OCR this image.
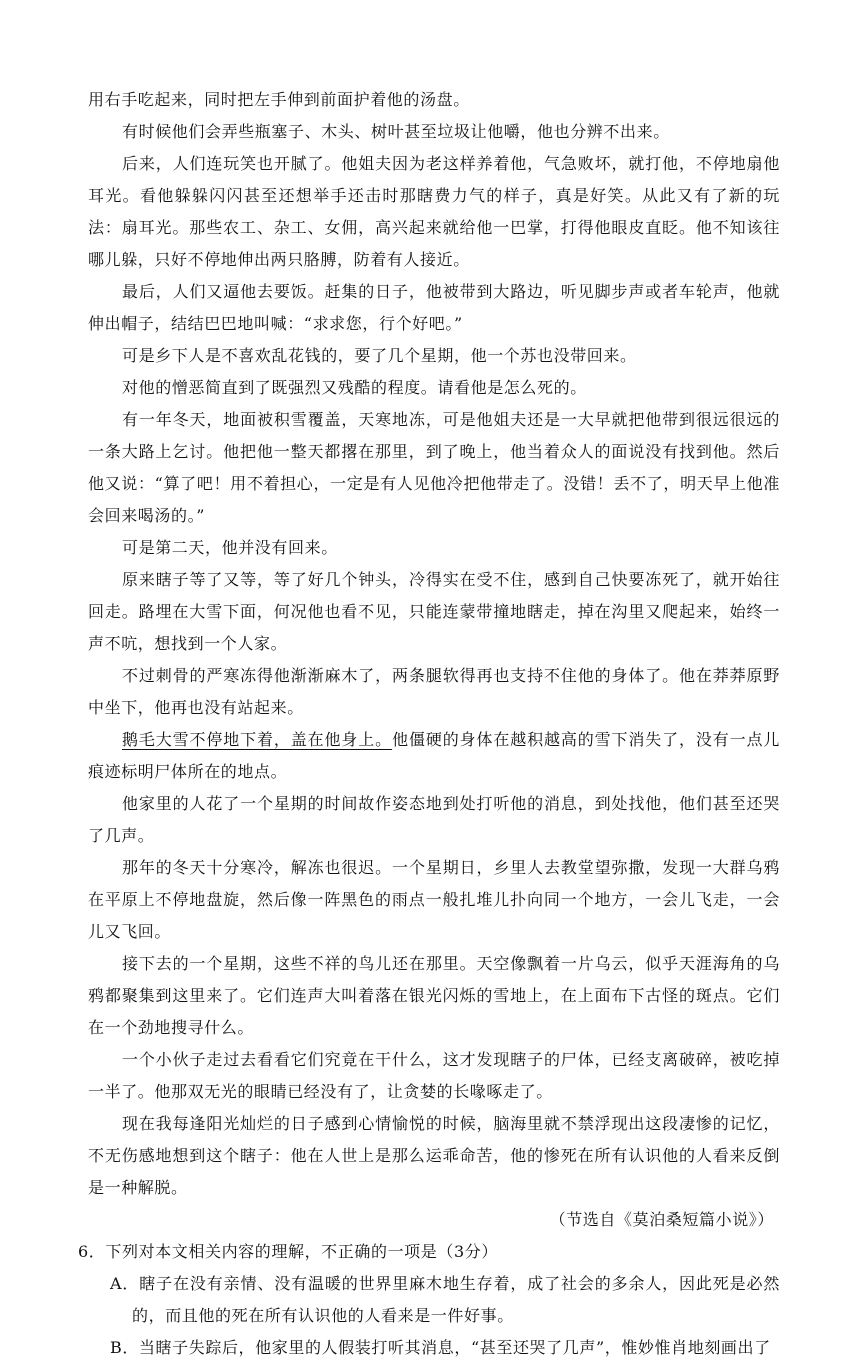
用右手吃起来，同时把左手伸到前面护着他的汤盘。

有时候他们会弄些瓶塞子、木头、树叶甚至垃圾让他嚼，他也分辨不出来。

后来，人们连玩笑也开腻了。他姐夫因为老这样养着他，气急败坏，就打他，不停地扇他耳光。看他躲躲闪闪甚至还想举手还击时那瞎费力气的样子，真是好笑。从此又有了新的玩法：扇耳光。那些农工、杂工、女佣，高兴起来就给他一巴掌，打得他眼皮直眨。他不知该往哪儿躲，只好不停地伸出两只胳膊，防着有人接近。

最后，人们又逼他去要饭。赶集的日子，他被带到大路边，听见脚步声或者车轮声，他就伸出帽子，结结巴巴地叫喊：“求求您，行个好吧。”

可是乡下人是不喜欢乱花钱的，要了几个星期，他一个苏也没带回来。

对他的憎恶简直到了既强烈又残酷的程度。请看他是怎么死的。

有一年冬天，地面被积雪覆盖，天寒地冻，可是他姐夫还是一大早就把他带到很远很远的一条大路上乞讨。他把他一整天都撂在那里，到了晚上，他当着众人的面说没有找到他。然后他又说：“算了吧！用不着担心，一定是有人见他冷把他带走了。没错！丢不了，明天早上他准会回来喝汤的。”

可是第二天，他并没有回来。

原来瞎子等了又等，等了好几个钟头，冷得实在受不住，感到自己快要冻死了，就开始往回走。路埋在大雪下面，何况他也看不见，只能连蒙带撞地瞎走，掉在沟里又爬起来，始终一声不吭，想找到一个人家。

不过刺骨的严寒冻得他渐渐麻木了，两条腿软得再也支持不住他的身体了。他在莽莽原野中坐下，他再也没有站起来。

鹅毛大雪不停地下着，盖在他身上。他僵硬的身体在越积越高的雪下消失了，没有一点儿痕迹标明尸体所在的地点。

他家里的人花了一个星期的时间故作姿态地到处打听他的消息，到处找他，他们甚至还哭了几声。

那年的冬天十分寒冷，解冻也很迟。一个星期日，乡里人去教堂望弥撒，发现一大群乌鸦在平原上不停地盘旋，然后像一阵黑色的雨点一般扎堆儿扑向同一个地方，一会儿飞走，一会儿又飞回。

接下去的一个星期，这些不祥的鸟儿还在那里。天空像飘着一片乌云，似乎天涯海角的乌鸦都聚集到这里来了。它们连声大叫着落在银光闪烁的雪地上，在上面布下古怪的斑点。它们在一个劲地搜寻什么。

一个小伙子走过去看看它们究竟在干什么，这才发现瞎子的尸体，已经支离破碎，被吃掉一半了。他那双无光的眼睛已经没有了，让贪婪的长喙啄走了。

现在我每逢阳光灿烂的日子感到心情愉悦的时候，脑海里就不禁浮现出这段凄惨的记忆，不无伤感地想到这个瞎子：他在人世上是那么运乖命苦，他的惨死在所有认识他的人看来反倒是一种解脱。

（节选自《莫泊桑短篇小说》）

6．下列对本文相关内容的理解，不正确的一项是（3分）

A．瞎子在没有亲情、没有温暖的世界里麻木地生存着，成了社会的多余人，因此死是必然的，而且他的死在所有认识他的人看来是一件好事。

B．当瞎子失踪后，他家里的人假装打听其消息，“甚至还哭了几声”，惟妙惟肖地刻画出了
